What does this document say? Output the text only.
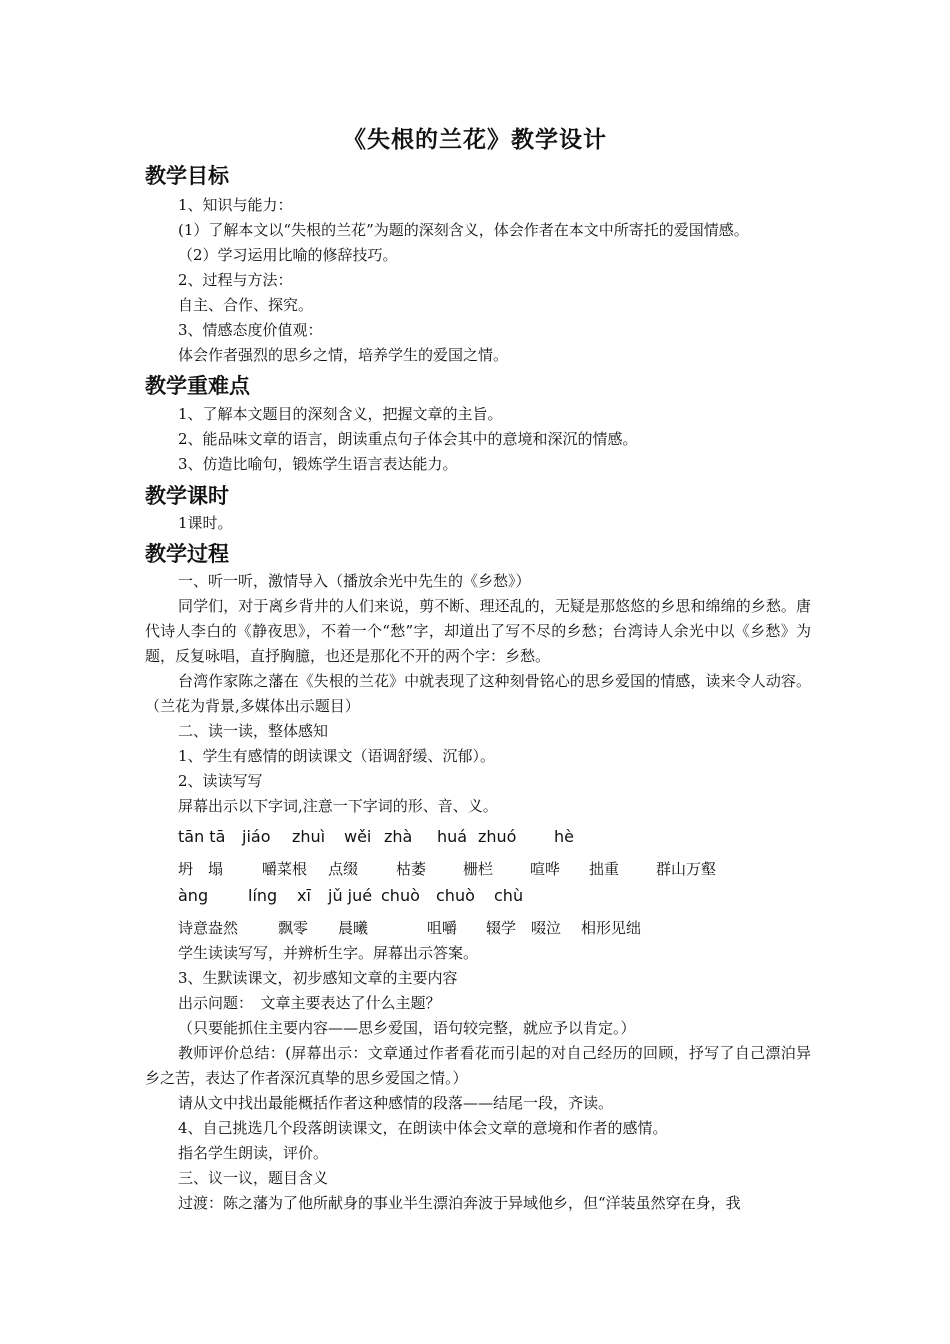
《失根的兰花》教学设计
教学目标
1、知识与能力：
(1）了解本文以“失根的兰花”为题的深刻含义，体会作者在本文中所寄托的爱国情感。
（2）学习运用比喻的修辞技巧。
2、过程与方法：
自主、合作、探究。
3、情感态度价值观：
体会作者强烈的思乡之情，培养学生的爱国之情。
教学重难点
1、了解本文题目的深刻含义，把握文章的主旨。
2、能品味文章的语言，朗读重点句子体会其中的意境和深沉的情感。
3、仿造比喻句，锻炼学生语言表达能力。
教学课时
1课时。
教学过程
一、听一听，激情导入（播放余光中先生的《乡愁》）
同学们，对于离乡背井的人们来说，剪不断、理还乱的，无疑是那悠悠的乡思和绵绵的乡愁。唐代诗人李白的《静夜思》，不着一个“愁”字，却道出了写不尽的乡愁；台湾诗人余光中以《乡愁》为题，反复咏唱，直抒胸臆，也还是那化不开的两个字：乡愁。
台湾作家陈之藩在《失根的兰花》中就表现了这种刻骨铭心的思乡爱国的情感，读来令人动容。（兰花为背景,多媒体出示题目）
二、读一读，整体感知
1、学生有感情的朗读课文（语调舒缓、沉郁）。
2、读读写写
屏幕出示以下字词,注意一下字词的形、音、义。
tān tā jiáo zhuì wěi zhà huá zhuó hè
坍　塌	嚼菜根 点缀	枯萎 栅栏 喧哗 拙重 群山万壑
àng líng xī jǔ jué chuò chuò chù
诗意盎然	飘零 晨曦	咀嚼 辍学 啜泣 相形见绌
学生读读写写，并辨析生字。屏幕出示答案。
3、生默读课文，初步感知文章的主要内容
出示问题：　文章主要表达了什么主题？
（只要能抓住主要内容——思乡爱国，语句较完整，就应予以肯定。）
教师评价总结：(屏幕出示：文章通过作者看花而引起的对自己经历的回顾，抒写了自己漂泊异乡之苦，表达了作者深沉真挚的思乡爱国之情。）
请从文中找出最能概括作者这种感情的段落——结尾一段，齐读。
4、自己挑选几个段落朗读课文，在朗读中体会文章的意境和作者的感情。
指名学生朗读，评价。
三、议一议，题目含义
过渡：陈之藩为了他所献身的事业半生漂泊奔波于异域他乡，但“洋装虽然穿在身，我
